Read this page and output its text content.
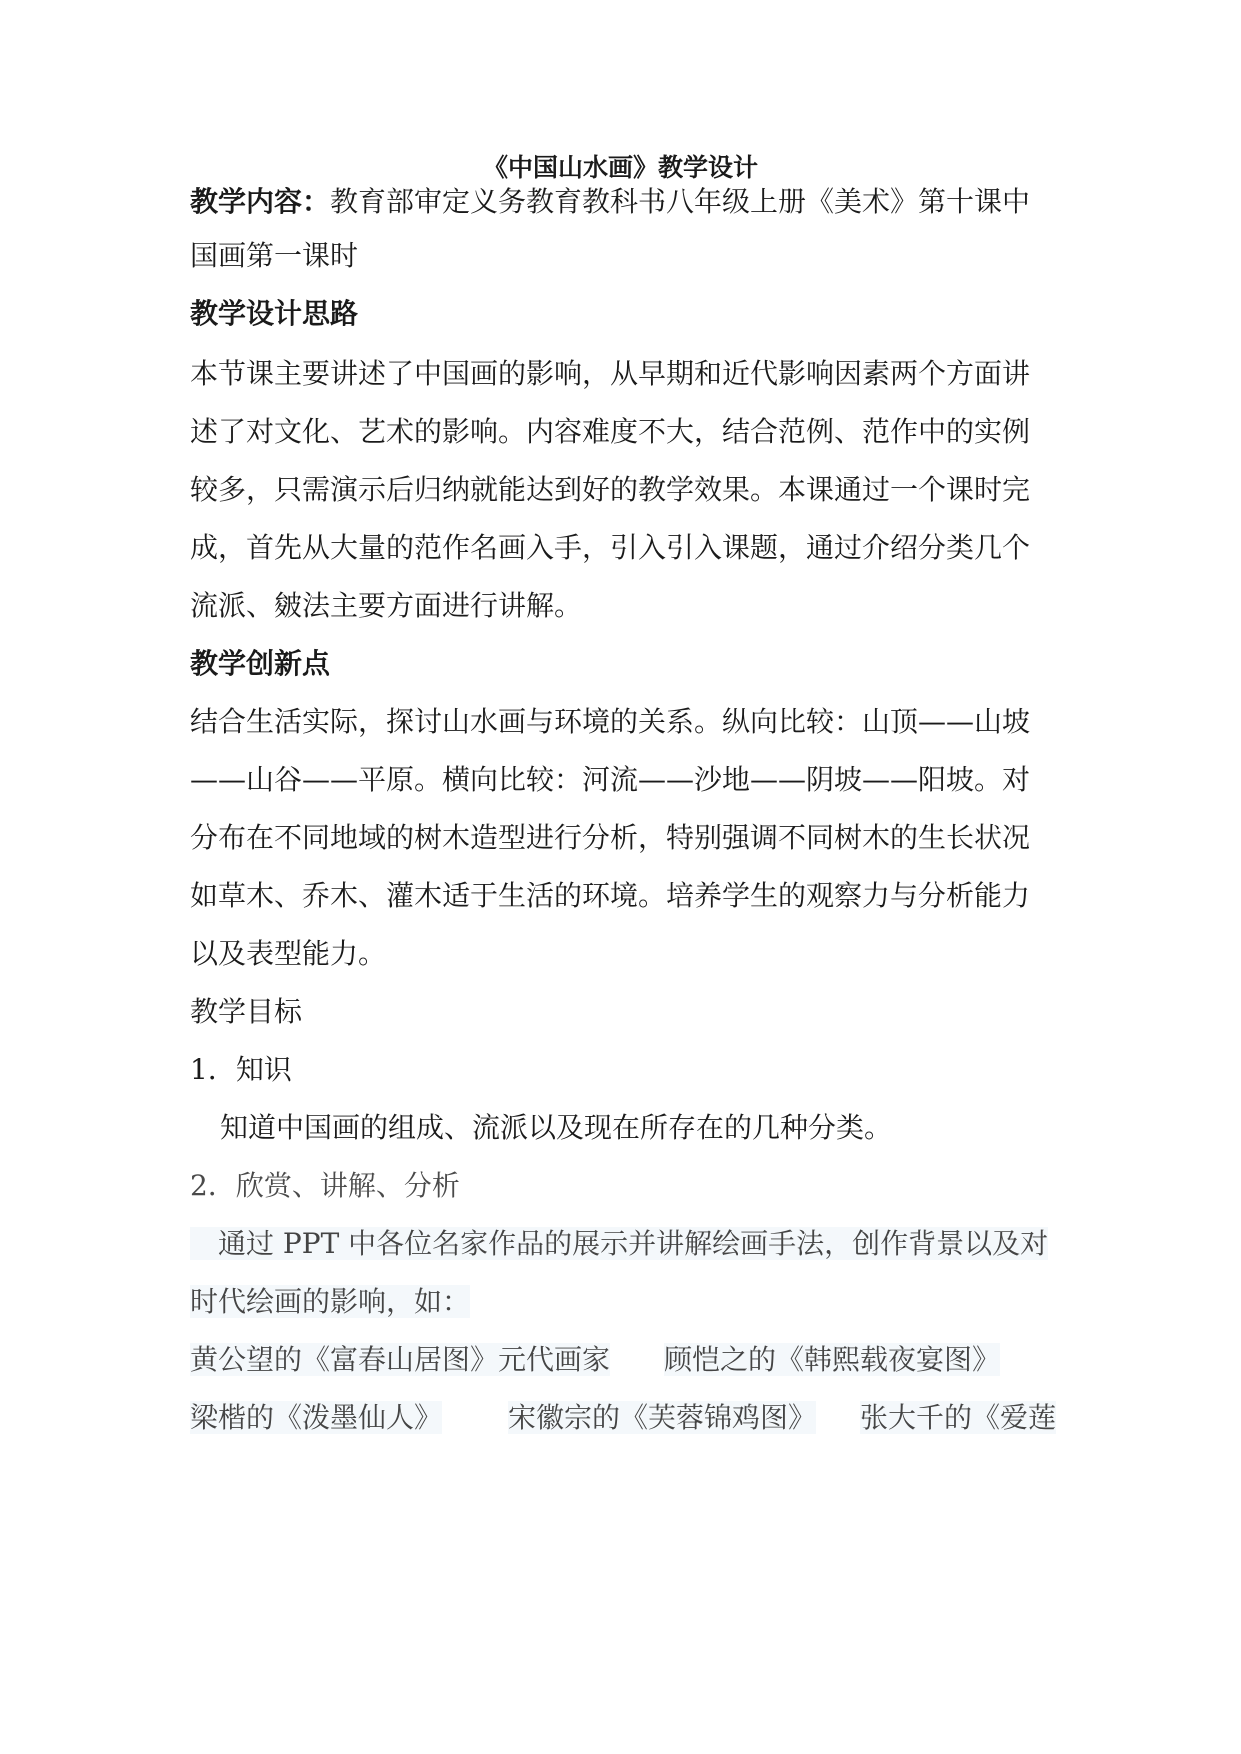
《中国山水画》教学设计
教学内容：教育部审定义务教育教科书八年级上册《美术》第十课中
国画第一课时
教学设计思路
本节课主要讲述了中国画的影响，从早期和近代影响因素两个方面讲
述了对文化、艺术的影响。内容难度不大，结合范例、范作中的实例
较多，只需演示后归纳就能达到好的教学效果。本课通过一个课时完
成，首先从大量的范作名画入手，引入引入课题，通过介绍分类几个
流派、皴法主要方面进行讲解。
教学创新点
结合生活实际，探讨山水画与环境的关系。纵向比较：山顶——山坡
——山谷——平原。横向比较：河流——沙地——阴坡——阳坡。对
分布在不同地域的树木造型进行分析，特别强调不同树木的生长状况
如草木、乔木、灌木适于生活的环境。培养学生的观察力与分析能力
以及表型能力。
教学目标
1．知识
知道中国画的组成、流派以及现在所存在的几种分类。
2．欣赏、讲解、分析
　通过 PPT 中各位名家作品的展示并讲解绘画手法，创作背景以及对
时代绘画的影响，如：
黄公望的《富春山居图》元代画家 顾恺之的《韩熙载夜宴图》
梁楷的《泼墨仙人》 宋徽宗的《芙蓉锦鸡图》 张大千的《爱莲
